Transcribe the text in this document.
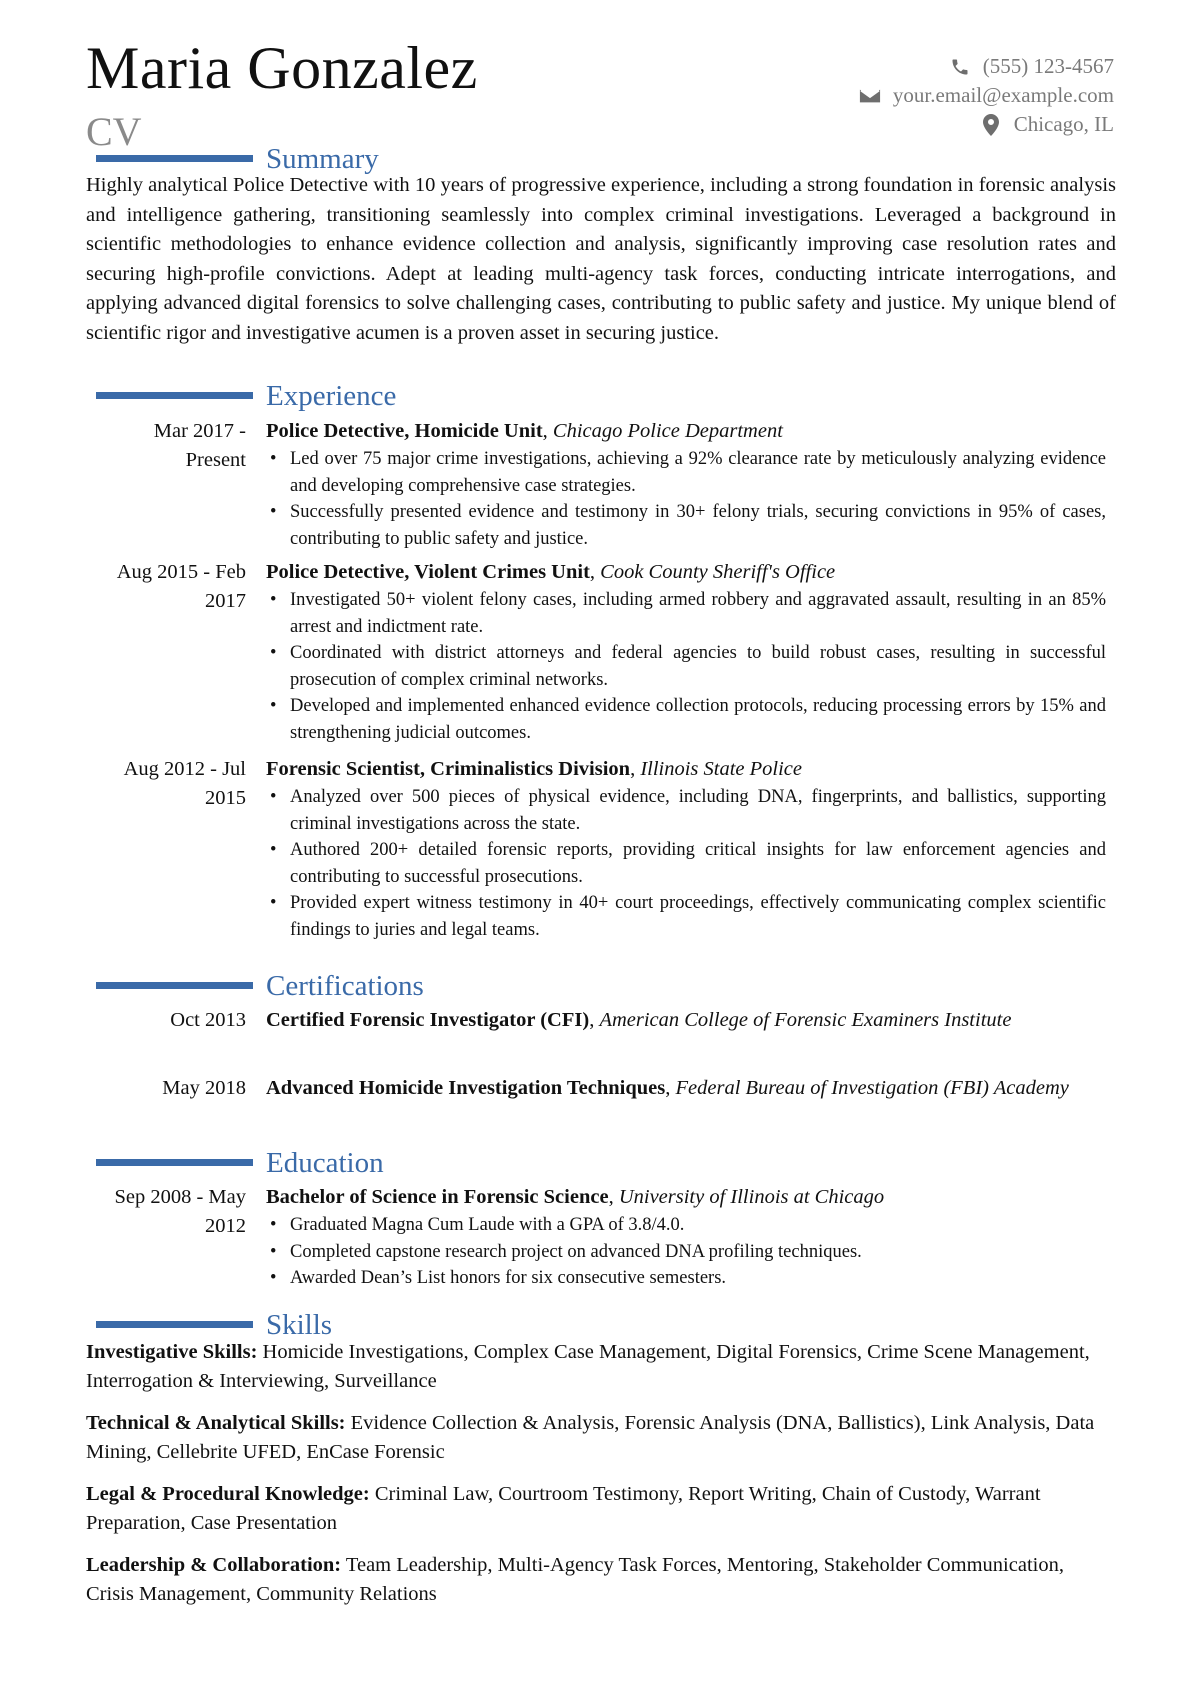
Maria Gonzalez
CV
(555) 123-4567
your.email@example.com
Chicago, IL
Summary
Highly analytical Police Detective with 10 years of progressive experience, including a strong foundation in forensic analysis and intelligence gathering, transitioning seamlessly into complex criminal investigations. Leveraged a background in scientific methodologies to enhance evidence collection and analysis, significantly improving case resolution rates and securing high-profile convictions. Adept at leading multi-agency task forces, conducting intricate interrogations, and applying advanced digital forensics to solve challenging cases, contributing to public safety and justice. My unique blend of scientific rigor and investigative acumen is a proven asset in securing justice.
Experience
Mar 2017 -
Present
Police Detective, Homicide Unit, Chicago Police Department
• Led over 75 major crime investigations, achieving a 92% clearance rate by meticulously analyzing evidence and developing comprehensive case strategies.
• Successfully presented evidence and testimony in 30+ felony trials, securing convictions in 95% of cases, contributing to public safety and justice.
Aug 2015 - Feb
2017
Police Detective, Violent Crimes Unit, Cook County Sheriff's Office
• Investigated 50+ violent felony cases, including armed robbery and aggravated assault, resulting in an 85% arrest and indictment rate.
• Coordinated with district attorneys and federal agencies to build robust cases, resulting in successful prosecution of complex criminal networks.
• Developed and implemented enhanced evidence collection protocols, reducing processing errors by 15% and strengthening judicial outcomes.
Aug 2012 - Jul
2015
Forensic Scientist, Criminalistics Division, Illinois State Police
• Analyzed over 500 pieces of physical evidence, including DNA, fingerprints, and ballistics, supporting criminal investigations across the state.
• Authored 200+ detailed forensic reports, providing critical insights for law enforcement agencies and contributing to successful prosecutions.
• Provided expert witness testimony in 40+ court proceedings, effectively communicating complex scientific findings to juries and legal teams.
Certifications
Oct 2013 Certified Forensic Investigator (CFI), American College of Forensic Examiners Institute
May 2018 Advanced Homicide Investigation Techniques, Federal Bureau of Investigation (FBI) Academy
Education
Sep 2008 - May
2012
Bachelor of Science in Forensic Science, University of Illinois at Chicago
• Graduated Magna Cum Laude with a GPA of 3.8/4.0.
• Completed capstone research project on advanced DNA profiling techniques.
• Awarded Dean’s List honors for six consecutive semesters.
Skills
Investigative Skills: Homicide Investigations, Complex Case Management, Digital Forensics, Crime Scene Management, Interrogation & Interviewing, Surveillance
Technical & Analytical Skills: Evidence Collection & Analysis, Forensic Analysis (DNA, Ballistics), Link Analysis, Data Mining, Cellebrite UFED, EnCase Forensic
Legal & Procedural Knowledge: Criminal Law, Courtroom Testimony, Report Writing, Chain of Custody, Warrant Preparation, Case Presentation
Leadership & Collaboration: Team Leadership, Multi-Agency Task Forces, Mentoring, Stakeholder Communication, Crisis Management, Community Relations
